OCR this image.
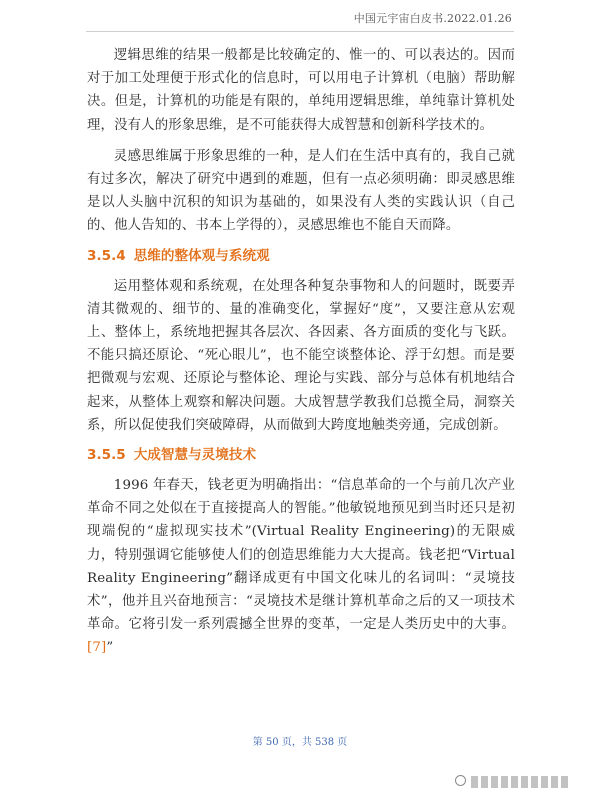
中国元宇宙白皮书.2022.01.26

逻辑思维的结果一般都是比较确定的、惟一的、可以表达的。因而对于加工处理便于形式化的信息时，可以用电子计算机（电脑）帮助解决。但是，计算机的功能是有限的，单纯用逻辑思维，单纯靠计算机处理，没有人的形象思维，是不可能获得大成智慧和创新科学技术的。

灵感思维属于形象思维的一种，是人们在生活中真有的，我自己就有过多次，解决了研究中遇到的难题，但有一点必须明确：即灵感思维是以人头脑中沉积的知识为基础的，如果没有人类的实践认识（自己的、他人告知的、书本上学得的），灵感思维也不能自天而降。

3.5.4 思维的整体观与系统观

运用整体观和系统观，在处理各种复杂事物和人的问题时，既要弄清其微观的、细节的、量的准确变化，掌握好“度”，又要注意从宏观上、整体上，系统地把握其各层次、各因素、各方面质的变化与飞跃。不能只搞还原论、“死心眼儿”，也不能空谈整体论、浮于幻想。而是要把微观与宏观、还原论与整体论、理论与实践、部分与总体有机地结合起来，从整体上观察和解决问题。大成智慧学教我们总揽全局，洞察关系，所以促使我们突破障碍，从而做到大跨度地触类旁通，完成创新。

3.5.5 大成智慧与灵境技术

1996 年春天，钱老更为明确指出：“信息革命的一个与前几次产业革命不同之处似在于直接提高人的智能。”他敏锐地预见到当时还只是初现端倪的“虚拟现实技术”(Virtual Reality Engineering)的无限威力，特别强调它能够使人们的创造思维能力大大提高。钱老把“Virtual Reality Engineering”翻译成更有中国文化味儿的名词叫：“灵境技术”，他并且兴奋地预言：“灵境技术是继计算机革命之后的又一项技术革命。它将引发一系列震撼全世界的变革，一定是人类历史中的大事。[7]”

第 50 页，共 538 页
